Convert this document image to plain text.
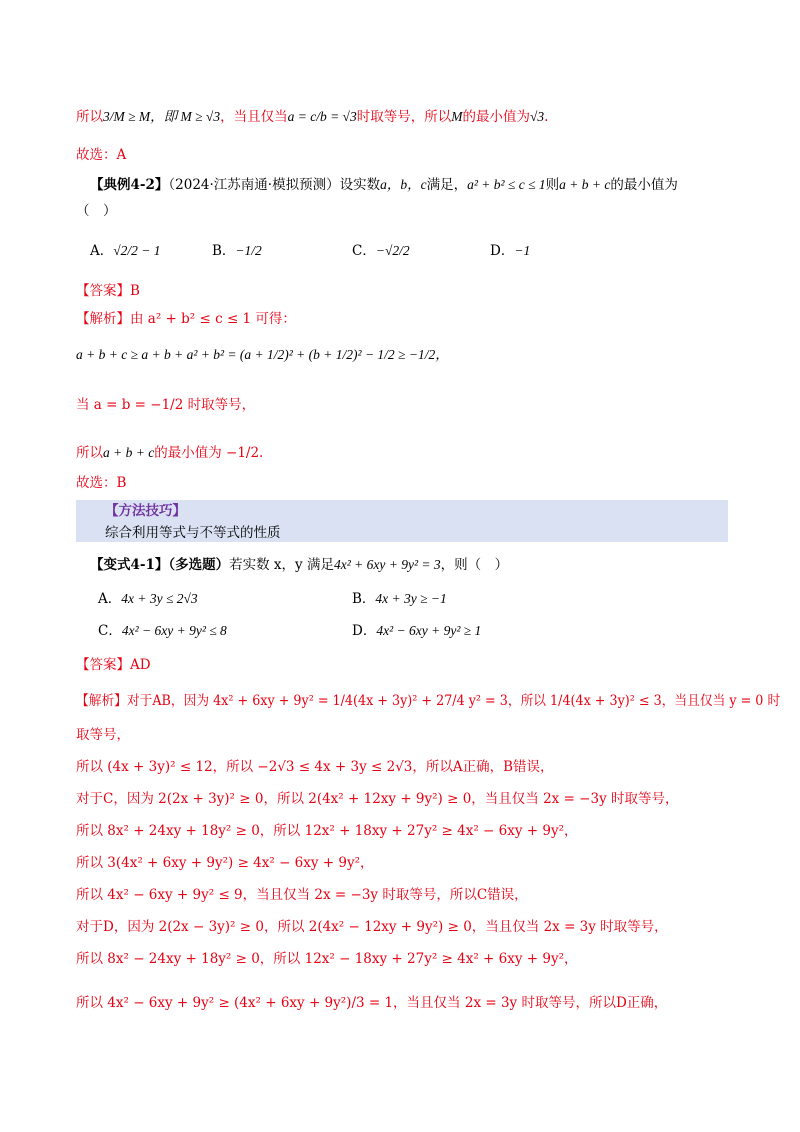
所以3/M ≥ M，即 M ≥ √3，当且仅当a = c/b = √3时取等号，所以M的最小值为√3.
故选：A
【典例4-2】（2024·江苏南通·模拟预测）设实数a，b，c满足，a² + b² ≤ c ≤ 1则a + b + c的最小值为
（　）
A．√2/2 − 1	B．−1/2	C．−√2/2	D．−1
【答案】B
【解析】由 a² + b² ≤ c ≤ 1 可得：
a + b + c ≥ a + b + a² + b² = (a + 1/2)² + (b + 1/2)² − 1/2 ≥ −1/2，
当 a = b = −1/2 时取等号，
所以a + b + c的最小值为 −1/2.
故选：B
【方法技巧】
综合利用等式与不等式的性质
【变式4-1】（多选题）若实数 x，y 满足4x² + 6xy + 9y² = 3，则（　）
A．4x + 3y ≤ 2√3	B．4x + 3y ≥ −1
C．4x² − 6xy + 9y² ≤ 8	D．4x² − 6xy + 9y² ≥ 1
【答案】AD
【解析】对于AB，因为 4x² + 6xy + 9y² = 1/4(4x + 3y)² + 27/4 y² = 3，所以 1/4(4x + 3y)² ≤ 3，当且仅当 y = 0 时
取等号，
所以 (4x + 3y)² ≤ 12，所以 −2√3 ≤ 4x + 3y ≤ 2√3，所以A正确，B错误，
对于C，因为 2(2x + 3y)² ≥ 0，所以 2(4x² + 12xy + 9y²) ≥ 0，当且仅当 2x = −3y 时取等号，
所以 8x² + 24xy + 18y² ≥ 0，所以 12x² + 18xy + 27y² ≥ 4x² − 6xy + 9y²，
所以 3(4x² + 6xy + 9y²) ≥ 4x² − 6xy + 9y²，
所以 4x² − 6xy + 9y² ≤ 9，当且仅当 2x = −3y 时取等号，所以C错误，
对于D，因为 2(2x − 3y)² ≥ 0，所以 2(4x² − 12xy + 9y²) ≥ 0，当且仅当 2x = 3y 时取等号，
所以 8x² − 24xy + 18y² ≥ 0，所以 12x² − 18xy + 27y² ≥ 4x² + 6xy + 9y²，
所以 4x² − 6xy + 9y² ≥ (4x² + 6xy + 9y²)/3 = 1，当且仅当 2x = 3y 时取等号，所以D正确，
